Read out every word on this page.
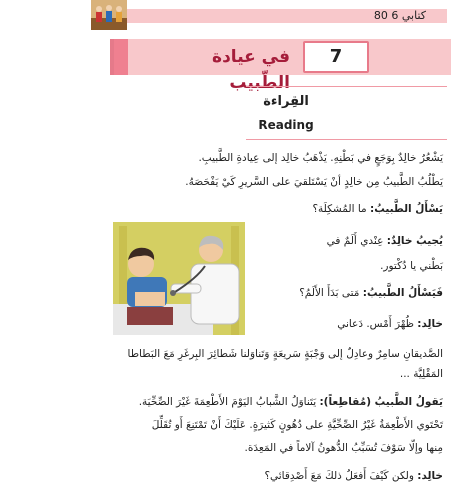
80 كتابي 6
7
في عيادة الطّبيب
القِراءة
Reading
يَشْعُرُ خالِدٌ بِوَجَعٍ في بَطْنِهِ. يَذْهَبُ خالِد إلى عِيادةِ الطَّبيبِ.
يَطْلُبُ الطَّبيبُ مِن خالِدٍ أنْ يَسْتَلقيَ على السَّريرِ كَيْ يَفْحَصَهُ.
يَسْأَلُ الطَّبيبُ: ما المُشكِلَة؟
يُجيبُ خالِدٌ: عِنْدي أَلَمٌ في
بَطْني يا دُكْتور.
فَيَسْأَلُ الطَّبيبُ: مَتى بَدَأَ الأَلَمُ؟
خالِد: ظُهْرَ أَمْس. دَعاني
الصَّديقانِ سامِرٌ وعادِلٌ إلى وَجْبَةٍ سَريعَةٍ وَتَناوَلنا شَطائِرَ البِرغَرِ مَعَ البَطاطا
المَقْلِيَّة ...
يَقولُ الطَّبيبُ (مُقاطِعاً): يَتَناوَلُ الشَّبابُ اليَوْمَ الأَطْعِمَةَ غَيْرَ الصِّحِّيَة.
تَحْتَوي الأَطْعِمَةُ غَيْرُ الصِّحِّيَّةِ على دُهُونٍ كَثيرَةٍ. عَلَيْكَ أَنْ تَمْتَنِعَ أَو تُقَلِّلَ
مِنها وإلّا سَوْفَ تُسَبِّبُ الدُّهونُ آلاماً في المَعِدَة.
خالِد: ولكن كَيْفَ أَفعَلُ ذلكَ مَعَ أَصْدِقائي؟
